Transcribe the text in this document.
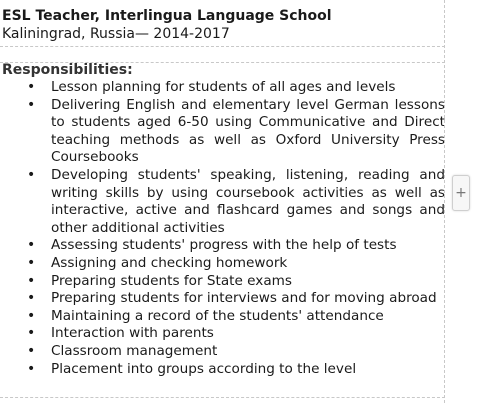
ESL Teacher, Interlingua Language School
Kaliningrad, Russia— 2014-2017
Responsibilities:
• Lesson planning for students of all ages and levels
• Delivering English and elementary level German lessons to students aged 6-50 using Communicative and Direct teaching methods as well as Oxford University Press Coursebooks
• Developing students' speaking, listening, reading and writing skills by using coursebook activities as well as interactive, active and flashcard games and songs and other additional activities
• Assessing students' progress with the help of tests
• Assigning and checking homework
• Preparing students for State exams
• Preparing students for interviews and for moving abroad
• Maintaining a record of the students' attendance
• Interaction with parents
• Classroom management
• Placement into groups according to the level
+
